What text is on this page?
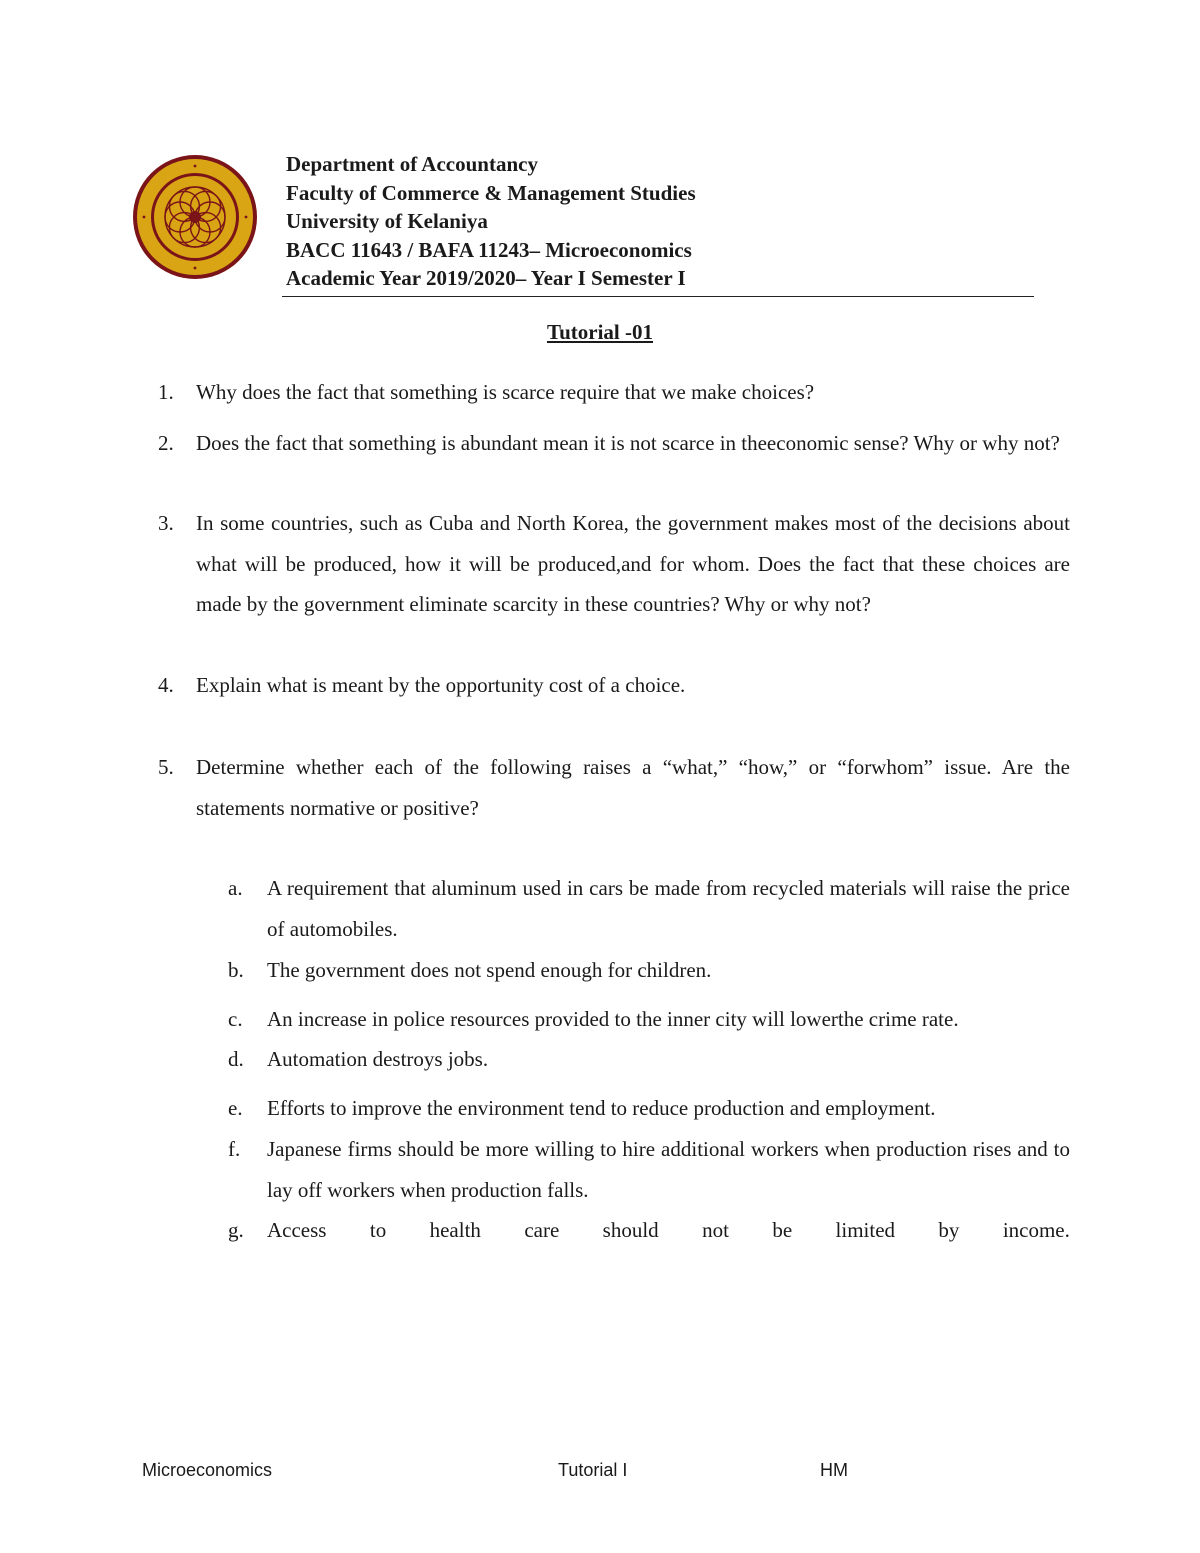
Department of Accountancy
Faculty of Commerce & Management Studies
University of Kelaniya
BACC 11643 / BAFA 11243– Microeconomics
Academic Year 2019/2020– Year I Semester I
Tutorial -01
1. Why does the fact that something is scarce require that we make choices?
2. Does the fact that something is abundant mean it is not scarce in theeconomic sense? Why or why not?
3. In some countries, such as Cuba and North Korea, the government makes most of the decisions about what will be produced, how it will be produced,and for whom. Does the fact that these choices are made by the government eliminate scarcity in these countries? Why or why not?
4. Explain what is meant by the opportunity cost of a choice.
5. Determine whether each of the following raises a “what,” “how,” or “forwhom” issue. Are the statements normative or positive?
a. A requirement that aluminum used in cars be made from recycled materials will raise the price of automobiles.
b. The government does not spend enough for children.
c. An increase in police resources provided to the inner city will lowerthe crime rate.
d. Automation destroys jobs.
e. Efforts to improve the environment tend to reduce production and employment.
f. Japanese firms should be more willing to hire additional workers when production rises and to lay off workers when production falls.
g. Access to health care should not be limited by income.
Microeconomics	Tutorial I	HM
